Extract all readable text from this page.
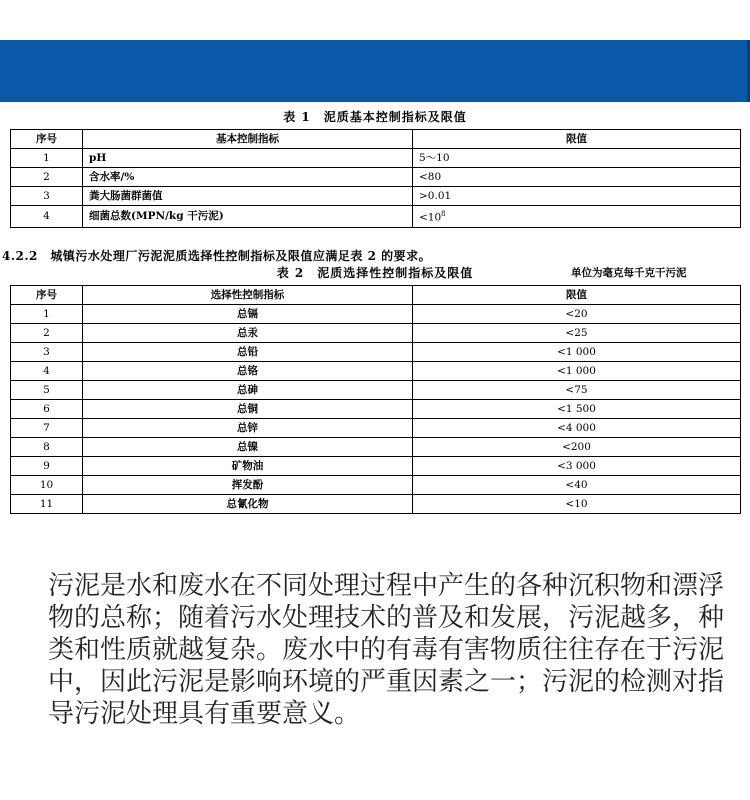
表 1　泥质基本控制指标及限值
序号	基本控制指标	限值
1	pH	5～10
2	含水率/%	<80
3	粪大肠菌群菌值	>0.01
4	细菌总数(MPN/kg 干污泥)	$<10^8$
4.2.2　城镇污水处理厂污泥泥质选择性控制指标及限值应满足表 2 的要求。
表 2　泥质选择性控制指标及限值	单位为毫克每千克干污泥
序号	选择性控制指标	限值
1	总镉	<20
2	总汞	<25
3	总铅	<1 000
4	总铬	<1 000
5	总砷	<75
6	总铜	<1 500
7	总锌	<4 000
8	总镍	<200
9	矿物油	<3 000
10	挥发酚	<40
11	总氰化物	<10
污泥是水和废水在不同处理过程中产生的各种沉积物和漂浮物的总称；随着污水处理技术的普及和发展，污泥越多，种类和性质就越复杂。废水中的有毒有害物质往往存在于污泥中，因此污泥是影响环境的严重因素之一；污泥的检测对指导污泥处理具有重要意义。
